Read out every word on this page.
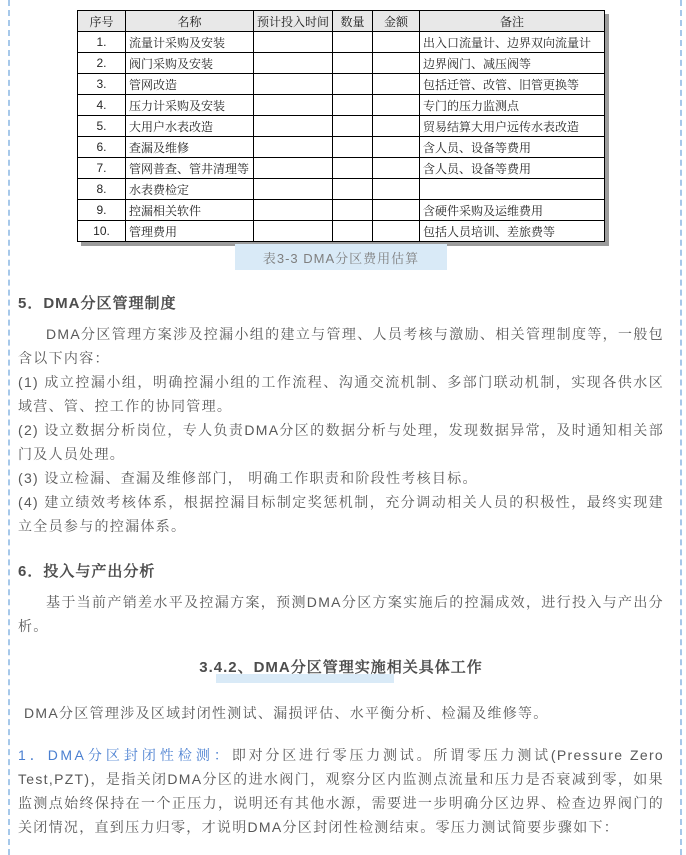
序号	名称	预计投入时间	数量	金额	备注
1.	流量计采购及安装				出入口流量计、边界双向流量计
2.	阀门采购及安装				边界阀门、减压阀等
3.	管网改造				包括迁管、改管、旧管更换等
4.	压力计采购及安装				专门的压力监测点
5.	大用户水表改造				贸易结算大用户远传水表改造
6.	查漏及维修				含人员、设备等费用
7.	管网普查、管井清理等				含人员、设备等费用
8.	水表费检定				
9.	控漏相关软件				含硬件采购及运维费用
10.	管理费用				包括人员培训、差旅费等
表3-3 DMA分区费用估算
5．DMA分区管理制度

DMA分区管理方案涉及控漏小组的建立与管理、人员考核与激励、相关管理制度等，一般包含以下内容：

(1) 成立控漏小组，明确控漏小组的工作流程、沟通交流机制、多部门联动机制，实现各供水区域营、管、控工作的协同管理。

(2) 设立数据分析岗位，专人负责DMA分区的数据分析与处理，发现数据异常，及时通知相关部门及人员处理。

(3) 设立检漏、查漏及维修部门， 明确工作职责和阶段性考核目标。

(4) 建立绩效考核体系，根据控漏目标制定奖惩机制，充分调动相关人员的积极性，最终实现建立全员参与的控漏体系。

6．投入与产出分析

基于当前产销差水平及控漏方案，预测DMA分区方案实施后的控漏成效，进行投入与产出分析。

3.4.2、DMA分区管理实施相关具体工作

DMA分区管理涉及区域封闭性测试、漏损评估、水平衡分析、检漏及维修等。

1．DMA分区封闭性检测：即对分区进行零压力测试。所谓零压力测试(Pressure Zero Test,PZT)，是指关闭DMA分区的进水阀门，观察分区内监测点流量和压力是否衰减到零，如果监测点始终保持在一个正压力，说明还有其他水源，需要进一步明确分区边界、检查边界阀门的关闭情况，直到压力归零，才说明DMA分区封闭性检测结束。零压力测试简要步骤如下：
